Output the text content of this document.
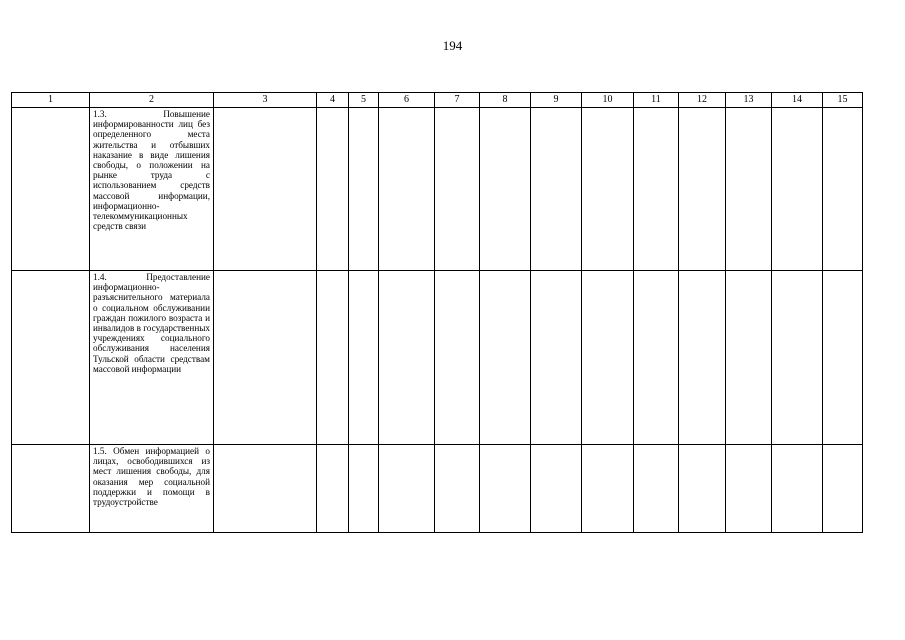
194
1	2	3	4	5	6	7	8	9	10	11	12	13	14	15

	1.3. Повышение информированности лиц без определенного места жительства и отбывших наказание в виде лишения свободы, о положении на рынке труда с использованием средств массовой информации, информационно-телекоммуникационных средств связи													

	1.4. Предоставление информационно-разъяснительного материала о социальном обслуживании граждан пожилого возраста и инвалидов в государственных учреждениях социального обслуживания населения Тульской области средствам массовой информации													

	1.5. Обмен информацией о лицах, освободившихся из мест лишения свободы, для оказания мер социальной поддержки и помощи в трудоустройстве													
